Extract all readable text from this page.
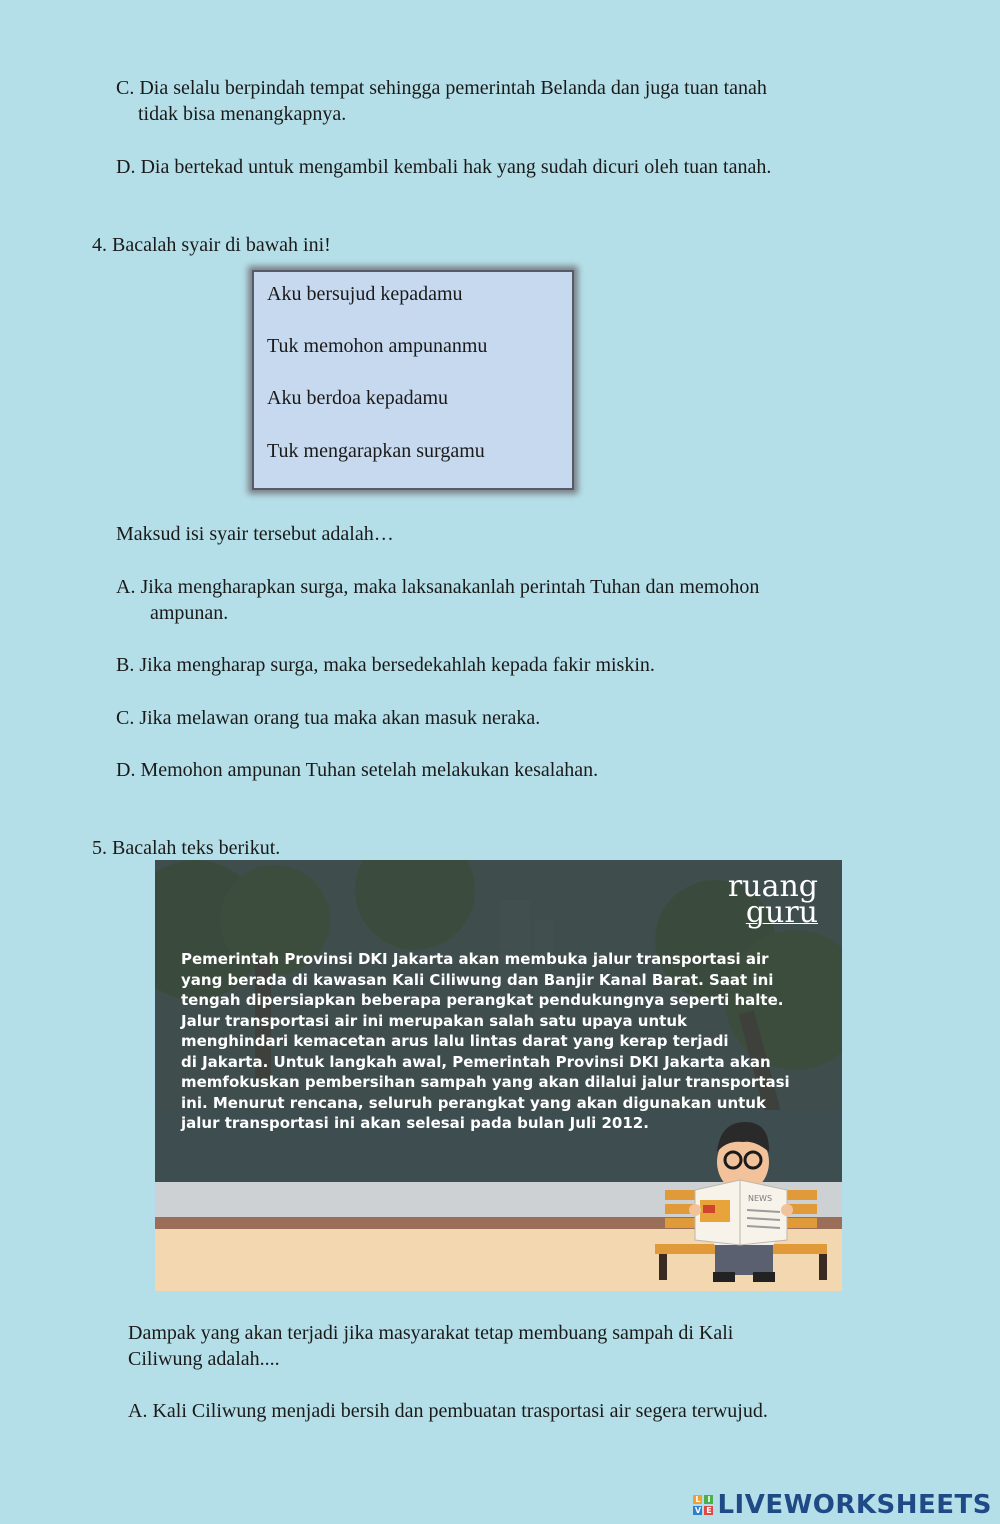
C. Dia selalu berpindah tempat sehingga pemerintah Belanda dan juga tuan tanah
tidak bisa menangkapnya.
D. Dia bertekad untuk mengambil kembali hak yang sudah dicuri oleh tuan tanah.
4. Bacalah syair di bawah ini!
Aku bersujud kepadamu
Tuk memohon ampunanmu
Aku berdoa kepadamu
Tuk mengarapkan surgamu
Maksud isi syair tersebut adalah…
A. Jika mengharapkan surga, maka laksanakanlah perintah Tuhan dan memohon
ampunan.
B. Jika mengharap surga, maka bersedekahlah kepada fakir miskin.
C. Jika melawan orang tua maka akan masuk neraka.
D. Memohon ampunan Tuhan setelah melakukan kesalahan.
5. Bacalah teks berikut.
NEWS
ruang
guru
Pemerintah Provinsi DKI Jakarta akan membuka jalur transportasi air
yang berada di kawasan Kali Ciliwung dan Banjir Kanal Barat. Saat ini
tengah dipersiapkan beberapa perangkat pendukungnya seperti halte.
Jalur transportasi air ini merupakan salah satu upaya untuk
menghindari kemacetan arus lalu lintas darat yang kerap terjadi
di Jakarta. Untuk langkah awal, Pemerintah Provinsi DKI Jakarta akan
memfokuskan pembersihan sampah yang akan dilalui jalur transportasi
ini. Menurut rencana, seluruh perangkat yang akan digunakan untuk
jalur transportasi ini akan selesai pada bulan Juli 2012.
Dampak yang akan terjadi jika masyarakat tetap membuang sampah di Kali
Ciliwung adalah....
A. Kali Ciliwung menjadi bersih dan pembuatan trasportasi air segera terwujud.
L I
V E LIVEWORKSHEETS
